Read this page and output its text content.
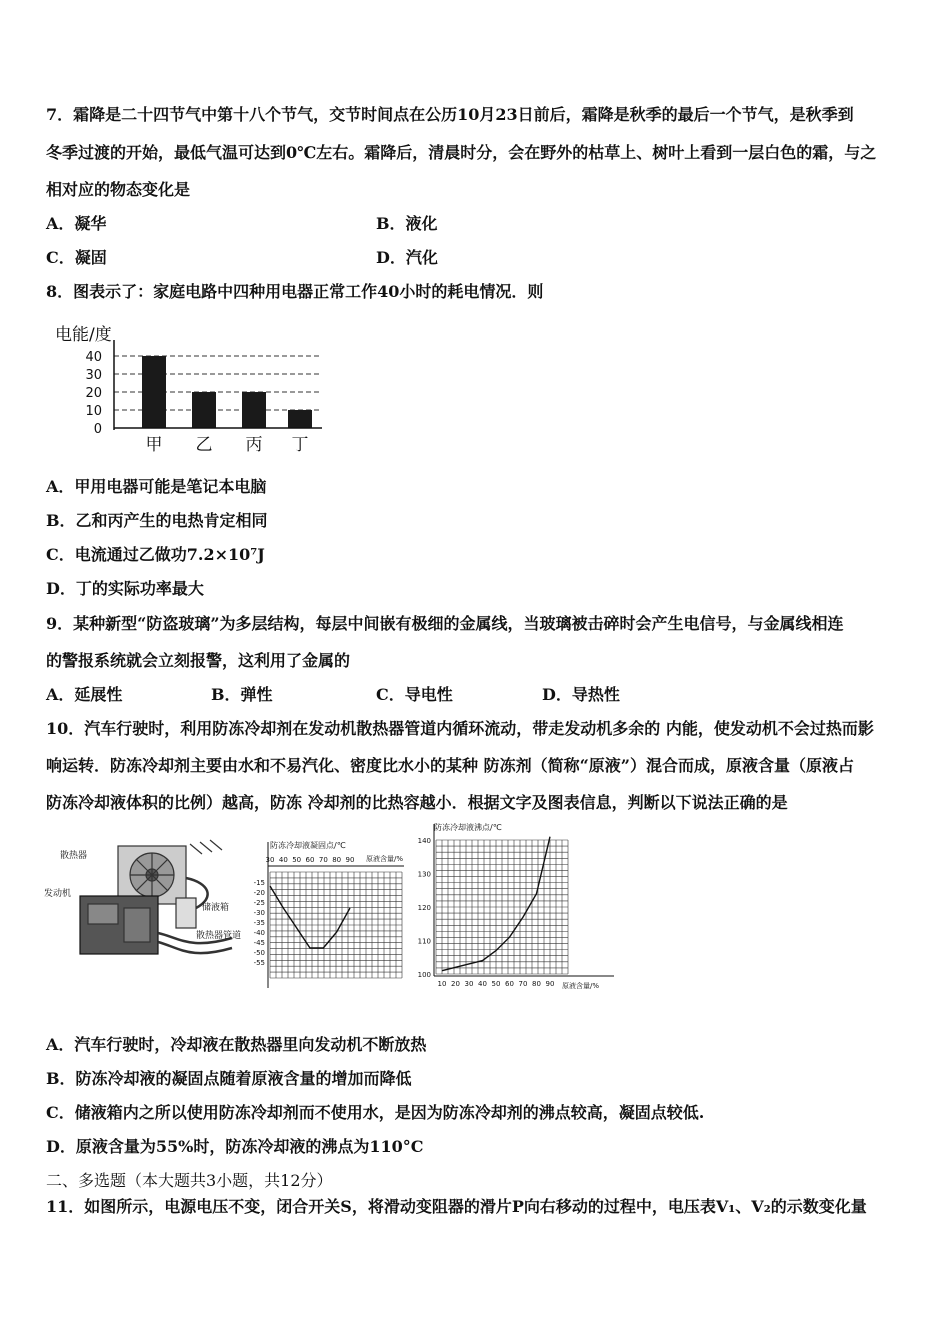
7．霜降是二十四节气中第十八个节气，交节时间点在公历10月23日前后，霜降是秋季的最后一个节气，是秋季到
冬季过渡的开始，最低气温可达到0℃左右。霜降后，清晨时分，会在野外的枯草上、树叶上看到一层白色的霜，与之
相对应的物态变化是
A．凝华	B．液化
C．凝固	D．汽化
8．图表示了：家庭电路中四种用电器正常工作40小时的耗电情况．则
电能/度
40
30
20
10
0
甲 乙 丙 丁
A．甲用电器可能是笔记本电脑
B．乙和丙产生的电热肯定相同
C．电流通过乙做功7.2×10⁷J
D．丁的实际功率最大
9．某种新型“防盗玻璃”为多层结构，每层中间嵌有极细的金属线，当玻璃被击碎时会产生电信号，与金属线相连
的警报系统就会立刻报警，这利用了金属的
A．延展性	B．弹性	C．导电性	D．导热性
10．汽车行驶时，利用防冻冷却剂在发动机散热器管道内循环流动，带走发动机多余的 内能，使发动机不会过热而影
响运转．防冻冷却剂主要由水和不易汽化、密度比水小的某种 防冻剂（简称“原液”）混合而成，原液含量（原液占
防冻冷却液体积的比例）越高，防冻 冷却剂的比热容越小．根据文字及图表信息，判断以下说法正确的是
散热器
发动机
储液箱
散热器管道
防冻冷却液凝固点/℃
原液含量/%
30 40 50 60 70 80 90
-15
-20
-25
-30
-35
-40
-45
-50
-55
防冻冷却液沸点/℃
原液含量/%
10 20 30 40 50 60 70 80 90
140
130
120
110
100
A．汽车行驶时，冷却液在散热器里向发动机不断放热
B．防冻冷却液的凝固点随着原液含量的增加而降低
C．储液箱内之所以使用防冻冷却剂而不使用水，是因为防冻冷却剂的沸点较高，凝固点较低.
D．原液含量为55%时，防冻冷却液的沸点为110°C
二、多选题（本大题共3小题，共12分）
11．如图所示，电源电压不变，闭合开关S，将滑动变阻器的滑片P向右移动的过程中，电压表V₁、V₂的示数变化量
